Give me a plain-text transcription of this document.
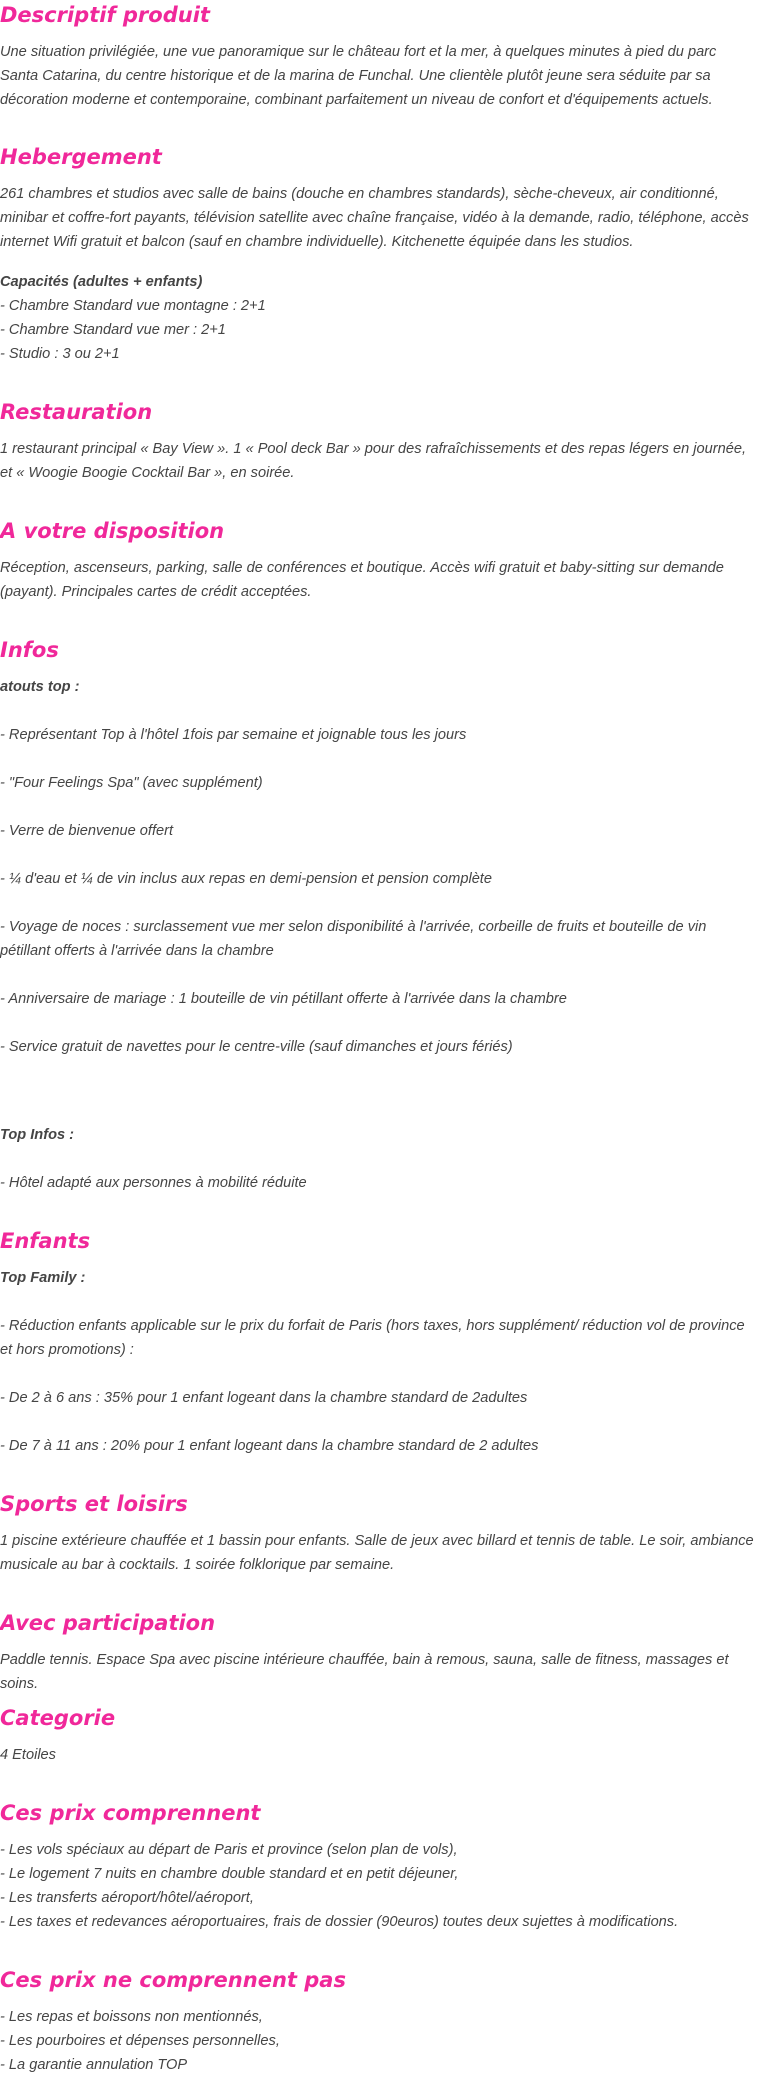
Descriptif produit
Une situation privilégiée, une vue panoramique sur le château fort et la mer, à quelques minutes à pied du parc Santa Catarina, du centre historique et de la marina de Funchal. Une clientèle plutôt jeune sera séduite par sa décoration moderne et contemporaine, combinant parfaitement un niveau de confort et d'équipements actuels.
Hebergement
261 chambres et studios avec salle de bains (douche en chambres standards), sèche-cheveux, air conditionné, minibar et coffre-fort payants, télévision satellite avec chaîne française, vidéo à la demande, radio, téléphone, accès internet Wifi gratuit et balcon (sauf en chambre individuelle). Kitchenette équipée dans les studios.
Capacités (adultes + enfants)
- Chambre Standard vue montagne : 2+1
- Chambre Standard vue mer : 2+1
- Studio : 3 ou 2+1
Restauration
1 restaurant principal « Bay View ». 1 « Pool deck Bar » pour des rafraîchissements et des repas légers en journée, et « Woogie Boogie Cocktail Bar », en soirée.
A votre disposition
Réception, ascenseurs, parking, salle de conférences et boutique. Accès wifi gratuit et baby-sitting sur demande (payant). Principales cartes de crédit acceptées.
Infos
atouts top :
- Représentant Top à l'hôtel 1fois par semaine et joignable tous les jours
- "Four Feelings Spa" (avec supplément)
- Verre de bienvenue offert
- ¼ d'eau et ¼ de vin inclus aux repas en demi-pension et pension complète
- Voyage de noces : surclassement vue mer selon disponibilité à l'arrivée, corbeille de fruits et bouteille de vin pétillant offerts à l'arrivée dans la chambre
- Anniversaire de mariage : 1 bouteille de vin pétillant offerte à l'arrivée dans la chambre
- Service gratuit de navettes pour le centre-ville (sauf dimanches et jours fériés)
Top Infos :
- Hôtel adapté aux personnes à mobilité réduite
Enfants
Top Family :
- Réduction enfants applicable sur le prix du forfait de Paris (hors taxes, hors supplément/ réduction vol de province et hors promotions) :
- De 2 à 6 ans : 35% pour 1 enfant logeant dans la chambre standard de 2adultes
- De 7 à 11 ans : 20% pour 1 enfant logeant dans la chambre standard de 2 adultes
Sports et loisirs
1 piscine extérieure chauffée et 1 bassin pour enfants. Salle de jeux avec billard et tennis de table. Le soir, ambiance musicale au bar à cocktails. 1 soirée folklorique par semaine.
Avec participation
Paddle tennis. Espace Spa avec piscine intérieure chauffée, bain à remous, sauna, salle de fitness, massages et soins.
Categorie
4 Etoiles
Ces prix comprennent
- Les vols spéciaux au départ de Paris et province (selon plan de vols),
- Le logement 7 nuits en chambre double standard et en petit déjeuner,
- Les transferts aéroport/hôtel/aéroport,
- Les taxes et redevances aéroportuaires, frais de dossier (90euros) toutes deux sujettes à modifications.
Ces prix ne comprennent pas
- Les repas et boissons non mentionnés,
- Les pourboires et dépenses personnelles,
- La garantie annulation TOP
